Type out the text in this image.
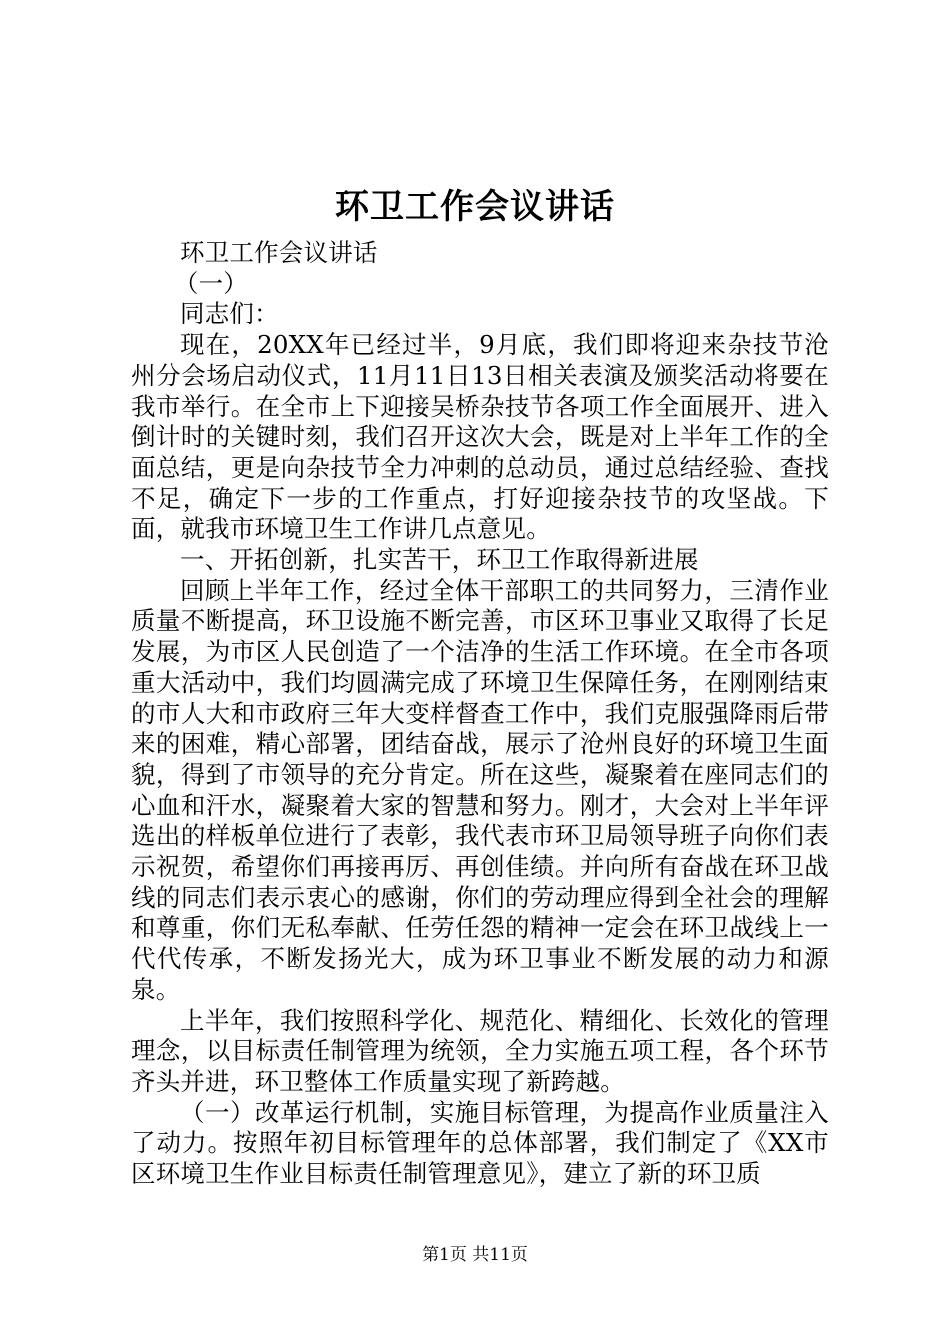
环卫工作会议讲话

环卫工作会议讲话

（一）

同志们：

现在，20XX年已经过半，9月底，我们即将迎来杂技节沧州分会场启动仪式，11月11日13日相关表演及颁奖活动将要在我市举行。在全市上下迎接吴桥杂技节各项工作全面展开、进入倒计时的关键时刻，我们召开这次大会，既是对上半年工作的全面总结，更是向杂技节全力冲刺的总动员，通过总结经验、查找不足，确定下一步的工作重点，打好迎接杂技节的攻坚战。下面，就我市环境卫生工作讲几点意见。

一、开拓创新，扎实苦干，环卫工作取得新进展

回顾上半年工作，经过全体干部职工的共同努力，三清作业质量不断提高，环卫设施不断完善，市区环卫事业又取得了长足发展，为市区人民创造了一个洁净的生活工作环境。在全市各项重大活动中，我们均圆满完成了环境卫生保障任务，在刚刚结束的市人大和市政府三年大变样督查工作中，我们克服强降雨后带来的困难，精心部署，团结奋战，展示了沧州良好的环境卫生面貌，得到了市领导的充分肯定。所在这些，凝聚着在座同志们的心血和汗水，凝聚着大家的智慧和努力。刚才，大会对上半年评选出的样板单位进行了表彰，我代表市环卫局领导班子向你们表示祝贺，希望你们再接再厉、再创佳绩。并向所有奋战在环卫战线的同志们表示衷心的感谢，你们的劳动理应得到全社会的理解和尊重，你们无私奉献、任劳任怨的精神一定会在环卫战线上一代代传承，不断发扬光大，成为环卫事业不断发展的动力和源泉。

上半年，我们按照科学化、规范化、精细化、长效化的管理理念，以目标责任制管理为统领，全力实施五项工程，各个环节齐头并进，环卫整体工作质量实现了新跨越。

（一）改革运行机制，实施目标管理，为提高作业质量注入了动力。按照年初目标管理年的总体部署，我们制定了《XX市区环境卫生作业目标责任制管理意见》，建立了新的环卫质

第1页 共11页
